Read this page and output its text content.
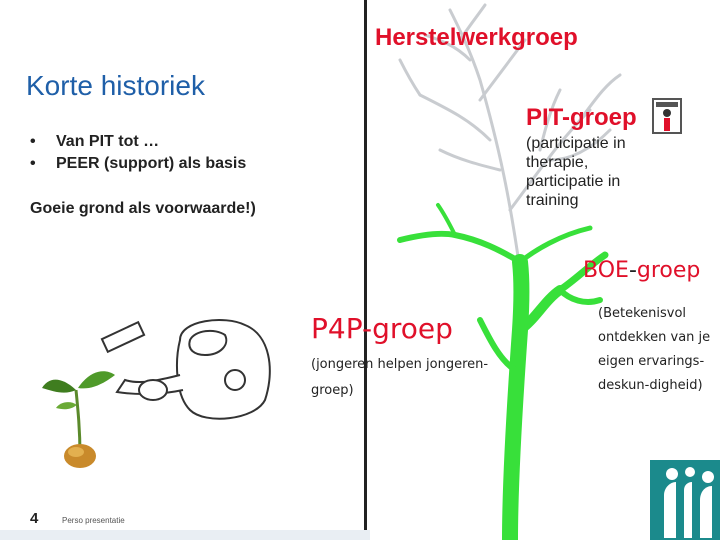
Herstelwerkgroep
Korte historiek
•	Van PIT tot …
•	PEER (support) als basis
Goeie grond als voorwaarde!)
PIT-groep
(participatie in therapie, participatie in training
BOE-groep
(Betekenisvol ontdekken van je eigen ervarings-deskun-digheid)
P4P-groep
(jongeren helpen jongeren-groep)
4	Perso presentatie
